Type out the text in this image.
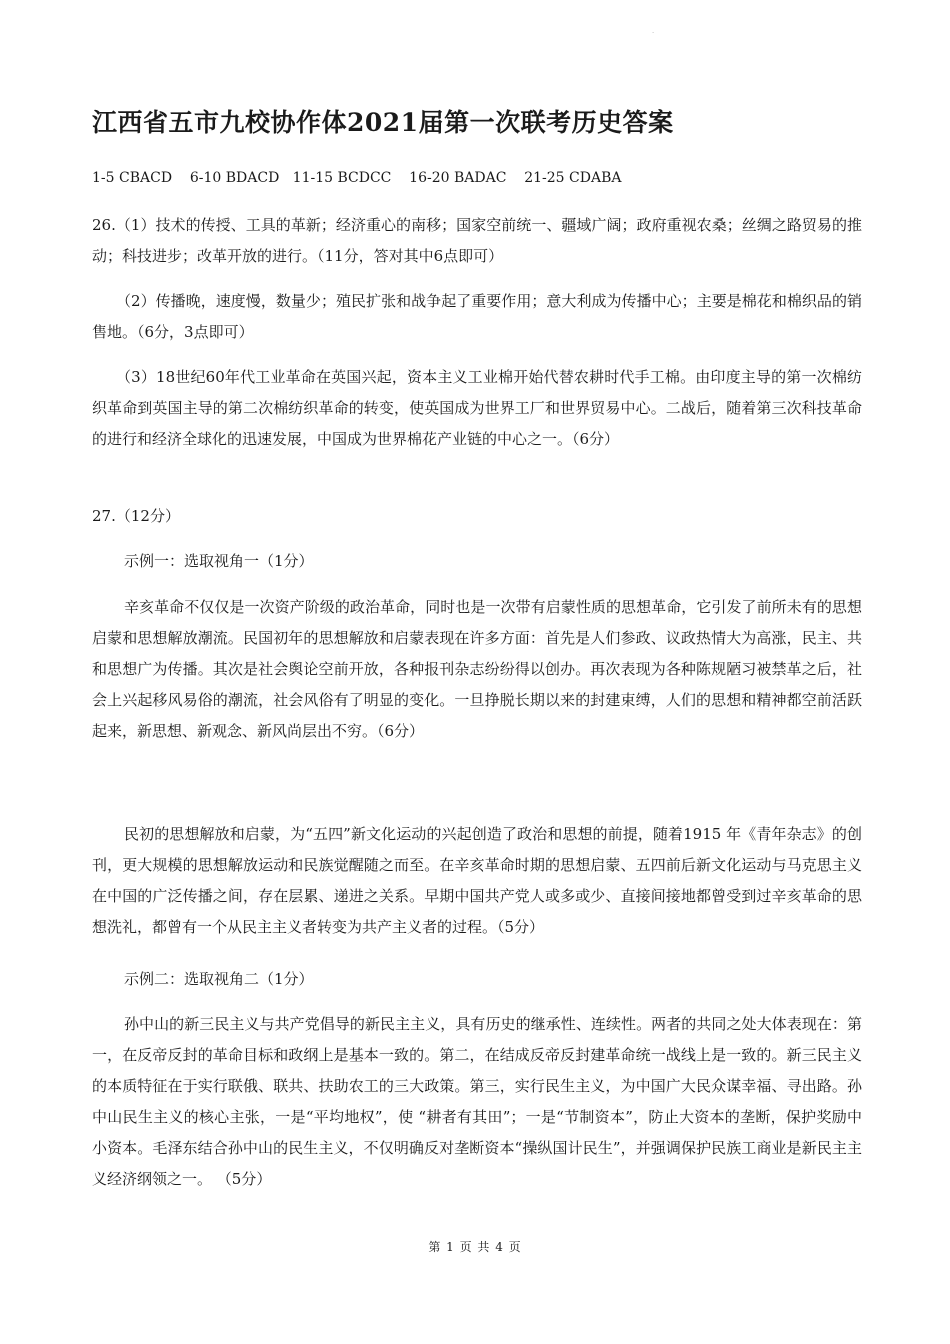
·
江西省五市九校协作体2021届第一次联考历史答案
1-5 CBACD    6-10 BDACD   11-15 BCDCC    16-20 BADAC    21-25 CDABA
26.（1）技术的传授、工具的革新；经济重心的南移；国家空前统一、疆域广阔；政府重视农桑；丝绸之路贸易的推动；科技进步；改革开放的进行。（11分，答对其中6点即可）
（2）传播晚，速度慢，数量少；殖民扩张和战争起了重要作用；意大利成为传播中心；主要是棉花和棉织品的销售地。（6分，3点即可）
（3）18世纪60年代工业革命在英国兴起，资本主义工业棉开始代替农耕时代手工棉。由印度主导的第一次棉纺织革命到英国主导的第二次棉纺织革命的转变，使英国成为世界工厂和世界贸易中心。二战后，随着第三次科技革命的进行和经济全球化的迅速发展，中国成为世界棉花产业链的中心之一。（6分）
27.（12分）
示例一：选取视角一（1分）
辛亥革命不仅仅是一次资产阶级的政治革命，同时也是一次带有启蒙性质的思想革命，它引发了前所未有的思想启蒙和思想解放潮流。民国初年的思想解放和启蒙表现在许多方面：首先是人们参政、议政热情大为高涨，民主、共和思想广为传播。其次是社会舆论空前开放，各种报刊杂志纷纷得以创办。再次表现为各种陈规陋习被禁革之后，社会上兴起移风易俗的潮流，社会风俗有了明显的变化。一旦挣脱长期以来的封建束缚，人们的思想和精神都空前活跃起来，新思想、新观念、新风尚层出不穷。（6分）
民初的思想解放和启蒙，为“五四”新文化运动的兴起创造了政治和思想的前提，随着1915 年《青年杂志》的创刊，更大规模的思想解放运动和民族觉醒随之而至。在辛亥革命时期的思想启蒙、五四前后新文化运动与马克思主义在中国的广泛传播之间，存在层累、递进之关系。早期中国共产党人或多或少、直接间接地都曾受到过辛亥革命的思想洗礼，都曾有一个从民主主义者转变为共产主义者的过程。（5分）
示例二：选取视角二（1分）
孙中山的新三民主义与共产党倡导的新民主主义，具有历史的继承性、连续性。两者的共同之处大体表现在：第一，在反帝反封的革命目标和政纲上是基本一致的。第二，在结成反帝反封建革命统一战线上是一致的。新三民主义的本质特征在于实行联俄、联共、扶助农工的三大政策。第三，实行民生主义，为中国广大民众谋幸福、寻出路。孙中山民生主义的核心主张，一是“平均地权”，使 “耕者有其田”；一是“节制资本”，防止大资本的垄断，保护奖励中小资本。毛泽东结合孙中山的民生主义，不仅明确反对垄断资本“操纵国计民生”，并强调保护民族工商业是新民主主义经济纲领之一。 （5分）
第 1 页 共 4 页
